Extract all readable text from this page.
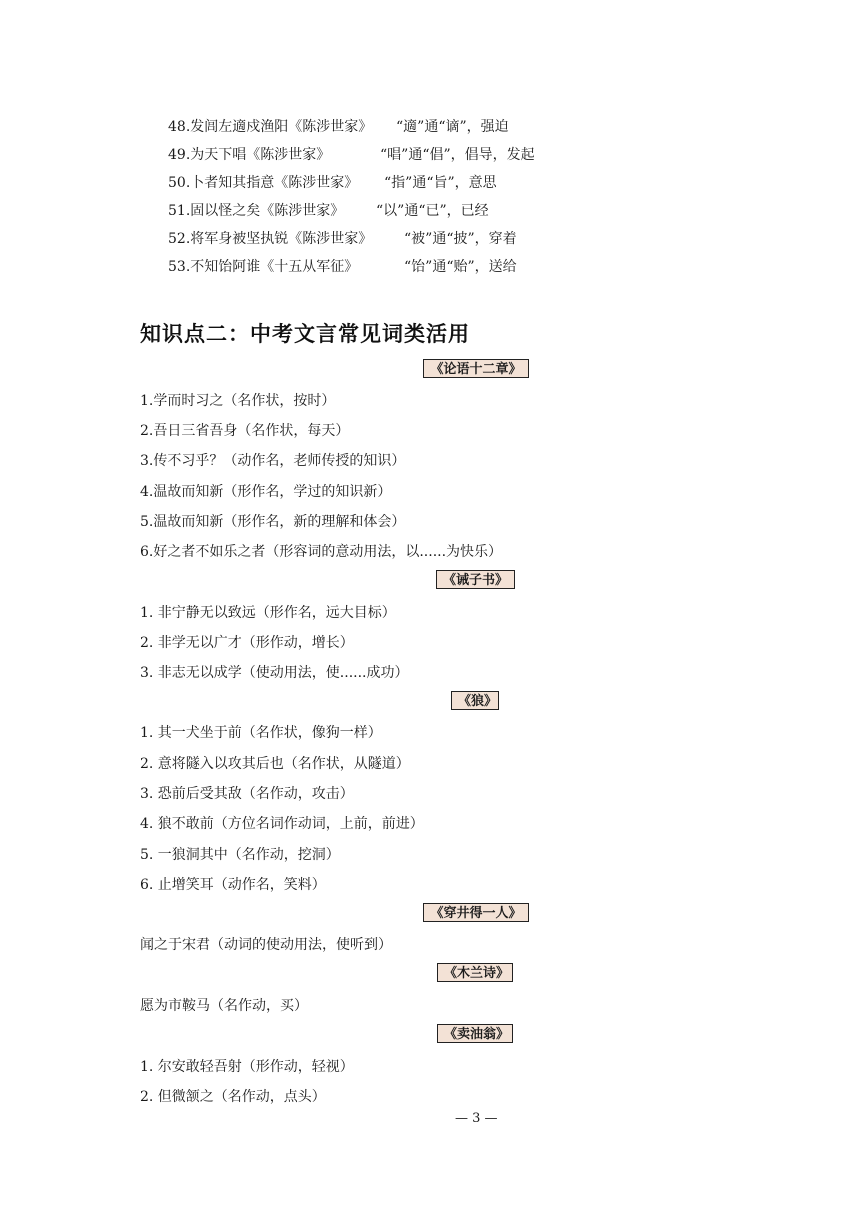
48.发闾左適戍渔阳《陈涉世家》 “適”通“谪”，强迫
49.为天下唱《陈涉世家》	“唱”通“倡”，倡导，发起
50.卜者知其指意《陈涉世家》 “指”通“旨”，意思
51.固以怪之矣《陈涉世家》 “以”通“已”，已经
52.将军身被坚执锐《陈涉世家》 “被”通“披”，穿着
53.不知饴阿谁《十五从军征》	“饴”通“贻”，送给
知识点二：中考文言常见词类活用
《论语十二章》
1.学而时习之（名作状，按时）
2.吾日三省吾身（名作状，每天）
3.传不习乎？（动作名，老师传授的知识）
4.温故而知新（形作名，学过的知识新）
5.温故而知新（形作名，新的理解和体会）
6.好之者不如乐之者（形容词的意动用法，以......为快乐）
《诫子书》
1. 非宁静无以致远（形作名，远大目标）
2. 非学无以广才（形作动，增长）
3. 非志无以成学（使动用法，使......成功）
《狼》
1. 其一犬坐于前（名作状，像狗一样）
2. 意将隧入以攻其后也（名作状，从隧道）
3. 恐前后受其敌（名作动，攻击）
4. 狼不敢前（方位名词作动词，上前，前进）
5. 一狼洞其中（名作动，挖洞）
6. 止增笑耳（动作名，笑料）
《穿井得一人》
闻之于宋君（动词的使动用法，使听到）
《木兰诗》
愿为市鞍马（名作动，买）
《卖油翁》
1. 尔安敢轻吾射（形作动，轻视）
2. 但微颔之（名作动，点头）
— 3 —
